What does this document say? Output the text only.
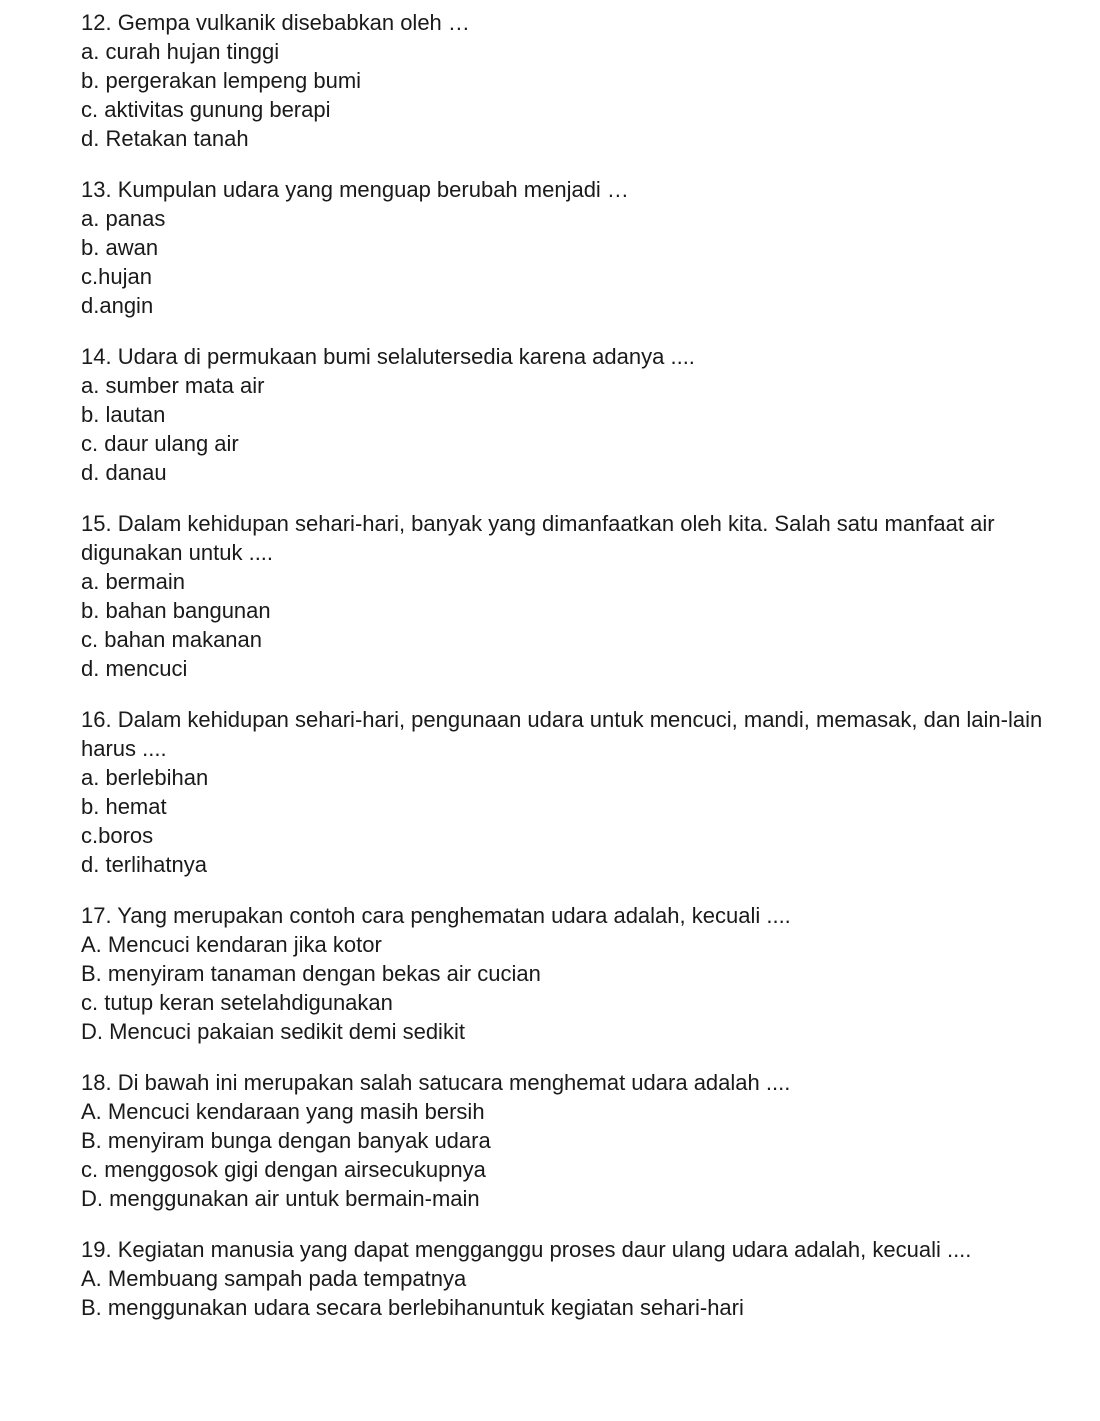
12. Gempa vulkanik disebabkan oleh …

a. curah hujan tinggi
b. pergerakan lempeng bumi
c. aktivitas gunung berapi
d. Retakan tanah

13. Kumpulan udara yang menguap berubah menjadi …

a. panas
b. awan
c.hujan
d.angin

14. Udara di permukaan bumi selalutersedia karena adanya ....

a. sumber mata air
b. lautan
c. daur ulang air
d. danau

15. Dalam kehidupan sehari-hari, banyak yang dimanfaatkan oleh kita. Salah satu manfaat air digunakan untuk ....

a. bermain
b. bahan bangunan
c. bahan makanan
d. mencuci

16. Dalam kehidupan sehari-hari, pengunaan udara untuk mencuci, mandi, memasak, dan lain-lain harus ....

a. berlebihan
b. hemat
c.boros
d. terlihatnya

17. Yang merupakan contoh cara penghematan udara adalah, kecuali ....

A. Mencuci kendaran jika kotor
B. menyiram tanaman dengan bekas air cucian
c. tutup keran setelahdigunakan
D. Mencuci pakaian sedikit demi sedikit

18. Di bawah ini merupakan salah satucara menghemat udara adalah ....

A. Mencuci kendaraan yang masih bersih
B. menyiram bunga dengan banyak udara
c. menggosok gigi dengan airsecukupnya
D. menggunakan air untuk bermain-main

19. Kegiatan manusia yang dapat mengganggu proses daur ulang udara adalah, kecuali ....

A. Membuang sampah pada tempatnya
B. menggunakan udara secara berlebihanuntuk kegiatan sehari-hari
